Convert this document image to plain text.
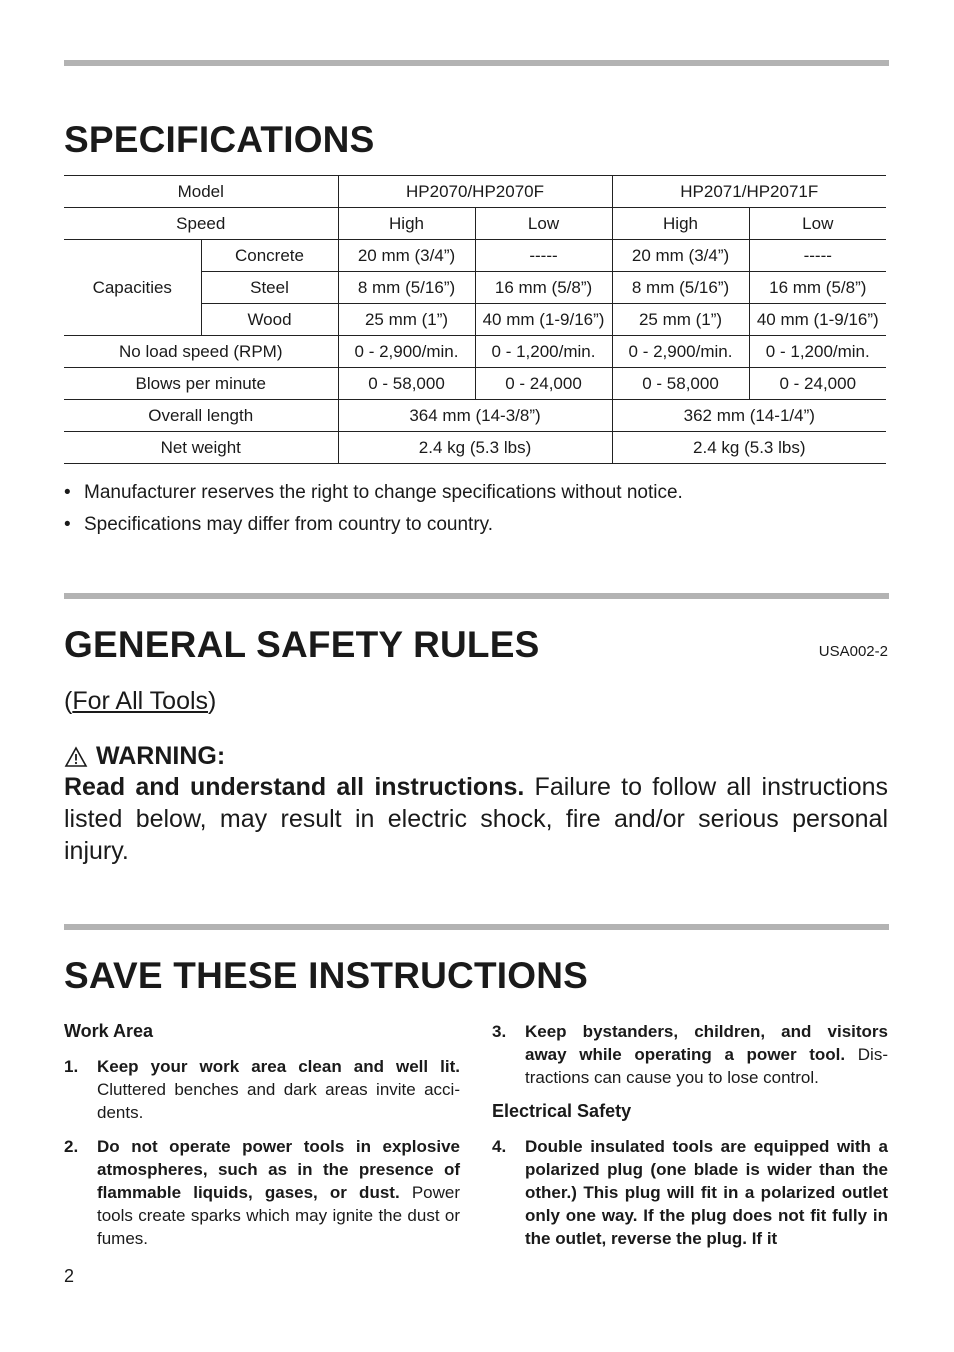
SPECIFICATIONS
Model		HP2070/HP2070F		HP2071/HP2071F	
Speed		High	Low	High	Low
Capacities	Concrete	20 mm (3/4”)	-----	20 mm (3/4”)	-----
	Steel	8 mm (5/16”)	16 mm (5/8”)	8 mm (5/16”)	16 mm (5/8”)
	Wood	25 mm (1”)	40 mm (1-9/16”)	25 mm (1”)	40 mm (1-9/16”)
No load speed (RPM)		0 - 2,900/min.	0 - 1,200/min.	0 - 2,900/min.	0 - 1,200/min.
Blows per minute		0 - 58,000	0 - 24,000	0 - 58,000	0 - 24,000
Overall length		364 mm (14-3/8”)		362 mm (14-1/4”)	
Net weight		2.4 kg (5.3 lbs)		2.4 kg (5.3 lbs)	
• Manufacturer reserves the right to change specifications without notice.
• Specifications may differ from country to country.
GENERAL SAFETY RULES	USA002-2
(For All Tools)
WARNING:

Read and understand all instructions. Failure to follow all instructions listed below, may result in electric shock, fire and/or serious personal injury.

SAVE THESE INSTRUCTIONS
Work Area
1. Keep your work area clean and well lit. Cluttered benches and dark areas invite acci-dents.
2. Do not operate power tools in explosive atmospheres, such as in the presence of flammable liquids, gases, or dust. Power tools create sparks which may ignite the dust or fumes.
3. Keep bystanders, children, and visitors away while operating a power tool. Dis-tractions can cause you to lose control.
Electrical Safety
4. Double insulated tools are equipped with a polarized plug (one blade is wider than the other.) This plug will fit in a polarized outlet only one way. If the plug does not fit fully in the outlet, reverse the plug. If it
2
